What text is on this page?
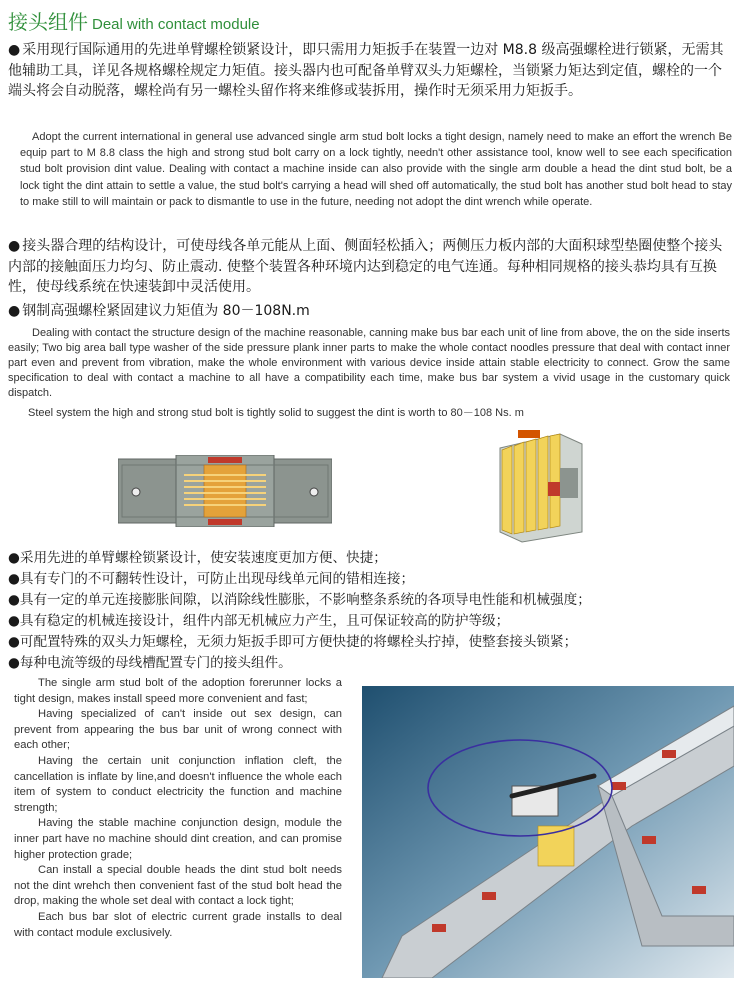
接头组件 Deal with contact module
● 采用现行国际通用的先进单臂螺栓锁紧设计，即只需用力矩扳手在装置一边对 M8.8 级高强螺栓进行锁紧，无需其他辅助工具，详见各规格螺栓规定力矩值。接头器内也可配备单臂双头力矩螺栓，当锁紧力矩达到定值，螺栓的一个端头将会自动脱落，螺栓尚有另一螺栓头留作将来维修或装拆用，操作时无须采用力矩扳手。
Adopt the current international in general use advanced single arm stud bolt locks a tight design, namely need to make an effort the wrench Be equip part to M 8.8 class the high and strong stud bolt carry on a lock tightly, needn't other assistance tool, know well to see each specification stud bolt provision dint value. Dealing with contact a machine inside can also provide with the single arm double a head the dint stud bolt, be a lock tight the dint attain to settle a value, the stud bolt's carrying a head will shed off automatically, the stud bolt has another stud bolt head to stay to make still to will maintain or pack to dismantle to use in the future, needing not adopt the dint wrench while operate.
● 接头器合理的结构设计，可使母线各单元能从上面、侧面轻松插入；两侧压力板内部的大面积球型垫圈使整个接头内部的接触面压力均匀、防止震动. 使整个装置各种环境内达到稳定的电气连通。每种相同规格的接头恭均具有互换性，使母线系统在快速装卸中灵活使用。
● 钢制高强螺栓紧固建议力矩值为 80－108N.m
Dealing with contact the structure design of the machine reasonable, canning make bus bar each unit of line from above, the on the side inserts easily; Two big area ball type washer of the side pressure plank inner parts to make the whole contact noodles pressure that deal with contact inner part even and prevent from vibration, make the whole environment with various device inside attain stable electricity to connect. Grow the same specification to deal with contact a machine to all have a compatibility each time, make bus bar system a vivid usage in the customary quick dispatch.
Steel system the high and strong stud bolt is tightly solid to suggest the dint is worth to 80－108 Ns. m
●采用先进的单臂螺栓锁紧设计，使安装速度更加方便、快捷；
●具有专门的不可翻转性设计，可防止出现母线单元间的错相连接；
●具有一定的单元连接膨胀间隙，以消除线性膨胀，不影响整条系统的各项导电性能和机械强度；
●具有稳定的机械连接设计，组件内部无机械应力产生，且可保证较高的防护等级；
●可配置特殊的双头力矩螺栓，无须力矩扳手即可方便快捷的将螺栓头拧掉，使整套接头锁紧；
●每种电流等级的母线槽配置专门的接头组件。

The single arm stud bolt of the adoption forerunner locks a tight design, makes install speed more convenient and fast;

Having specialized of can't inside out sex design, can prevent from appearing the bus bar unit of wrong connect with each other;

Having the certain unit conjunction inflation cleft, the cancellation is inflate by line,and doesn't influence the whole each item of system to conduct electricity the function and machine strength;

Having the stable machine conjunction design, module the inner part have no machine should dint creation, and can promise higher protection grade;

Can install a special double heads the dint stud bolt needs not the dint wrehch then convenient fast of the stud bolt head the drop, making the whole set deal with contact a lock tight;

Each bus bar slot of electric current grade installs to deal with contact module exclusively.
